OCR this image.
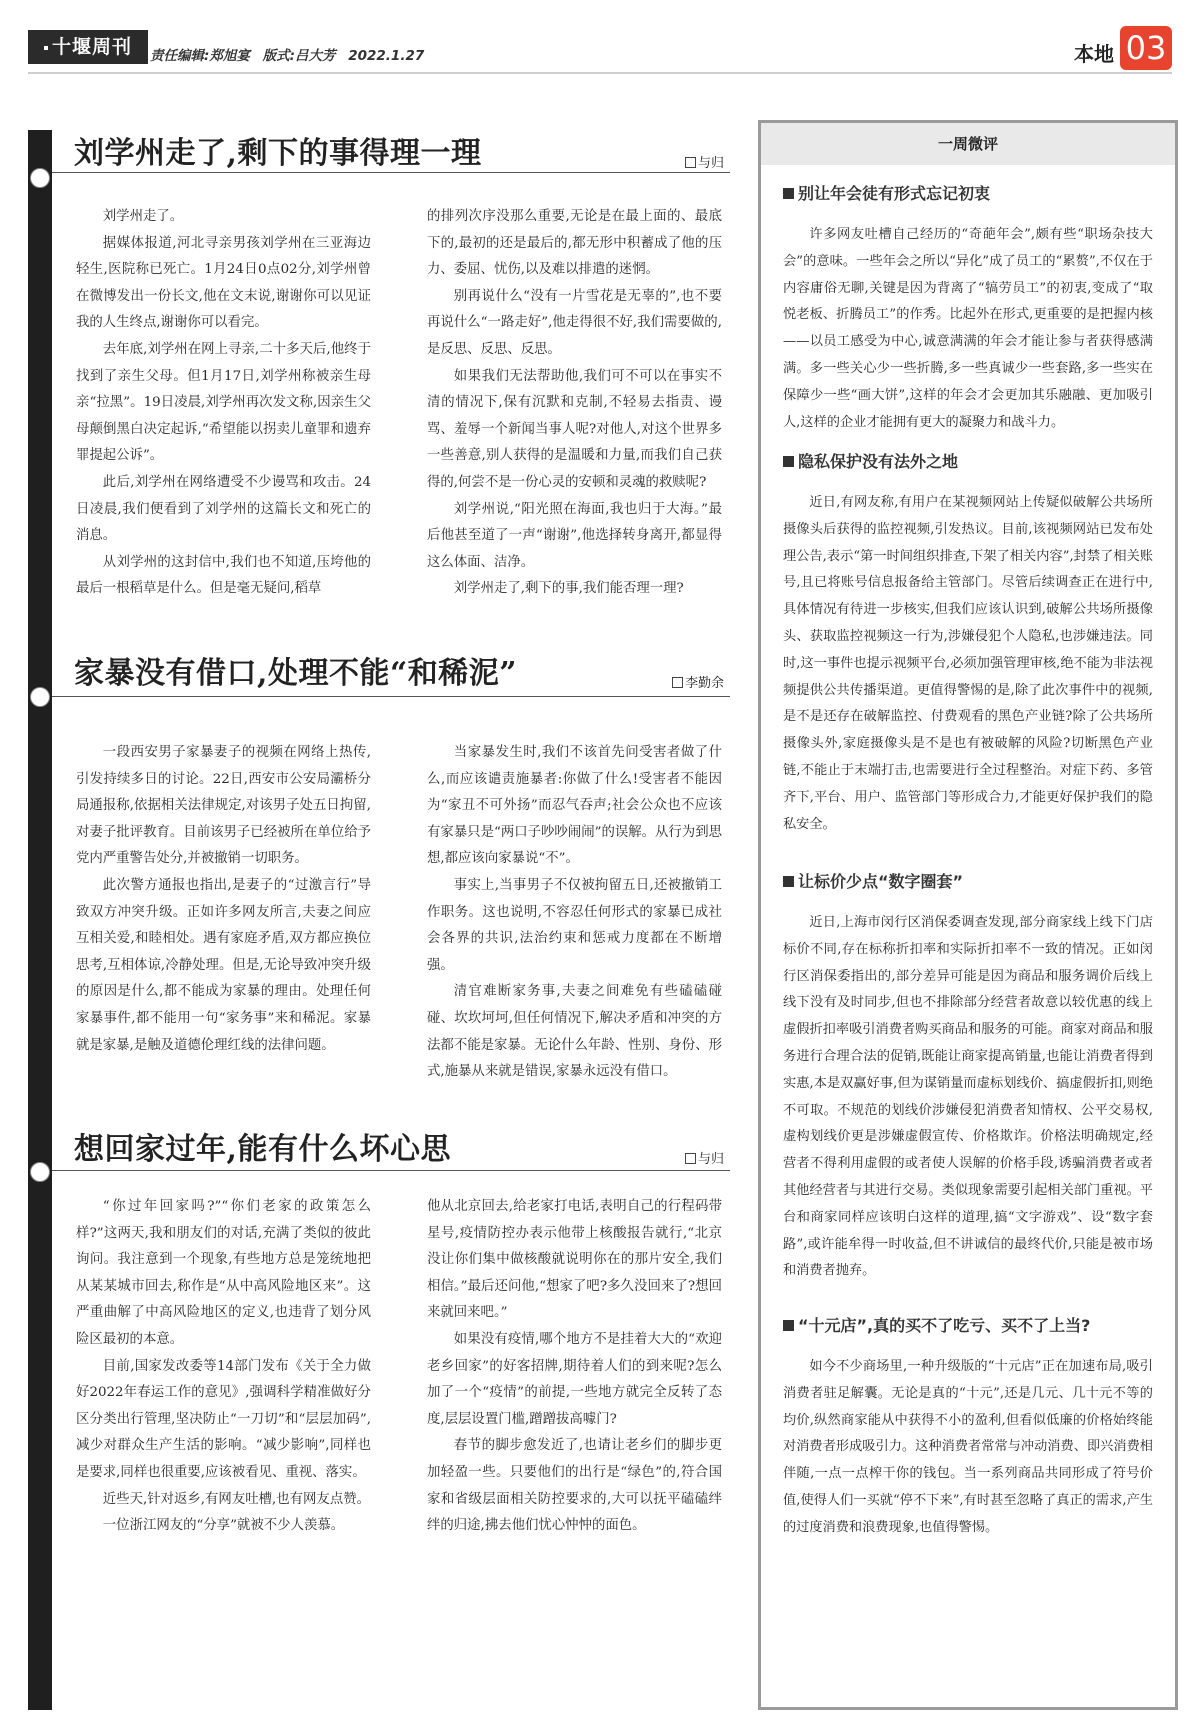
十堰周刊	责任编辑:郑旭宴 版式:吕大芳 2022.1.27	本地 03
刘学州走了,剩下的事得理一理	与归

刘学州走了。

据媒体报道,河北寻亲男孩刘学州在三亚海边轻生,医院称已死亡。1月24日0点02分,刘学州曾在微博发出一份长文,他在文末说,谢谢你可以见证我的人生终点,谢谢你可以看完。

去年底,刘学州在网上寻亲,二十多天后,他终于找到了亲生父母。但1月17日,刘学州称被亲生母亲“拉黑”。19日凌晨,刘学州再次发文称,因亲生父母颠倒黑白决定起诉,“希望能以拐卖儿童罪和遗弃罪提起公诉”。

此后,刘学州在网络遭受不少谩骂和攻击。24日凌晨,我们便看到了刘学州的这篇长文和死亡的消息。

从刘学州的这封信中,我们也不知道,压垮他的最后一根稻草是什么。但是毫无疑问,稻草

的排列次序没那么重要,无论是在最上面的、最底下的,最初的还是最后的,都无形中积蓄成了他的压力、委屈、忧伤,以及难以排遣的迷惘。

别再说什么“没有一片雪花是无辜的”,也不要再说什么“一路走好”,他走得很不好,我们需要做的,是反思、反思、反思。

如果我们无法帮助他,我们可不可以在事实不清的情况下,保有沉默和克制,不轻易去指责、谩骂、羞辱一个新闻当事人呢?对他人,对这个世界多一些善意,别人获得的是温暖和力量,而我们自己获得的,何尝不是一份心灵的安顿和灵魂的救赎呢?

刘学州说,“阳光照在海面,我也归于大海。”最后他甚至道了一声“谢谢”,他选择转身离开,都显得这么体面、洁净。

刘学州走了,剩下的事,我们能否理一理?

家暴没有借口,处理不能“和稀泥”	李勤余

一段西安男子家暴妻子的视频在网络上热传,引发持续多日的讨论。22日,西安市公安局灞桥分局通报称,依据相关法律规定,对该男子处五日拘留,对妻子批评教育。目前该男子已经被所在单位给予党内严重警告处分,并被撤销一切职务。

此次警方通报也指出,是妻子的“过激言行”导致双方冲突升级。正如许多网友所言,夫妻之间应互相关爱,和睦相处。遇有家庭矛盾,双方都应换位思考,互相体谅,冷静处理。但是,无论导致冲突升级的原因是什么,都不能成为家暴的理由。处理任何家暴事件,都不能用一句“家务事”来和稀泥。家暴就是家暴,是触及道德伦理红线的法律问题。

当家暴发生时,我们不该首先问受害者做了什么,而应该谴责施暴者:你做了什么!受害者不能因为“家丑不可外扬”而忍气吞声;社会公众也不应该有家暴只是“两口子吵吵闹闹”的误解。从行为到思想,都应该向家暴说“不”。

事实上,当事男子不仅被拘留五日,还被撤销工作职务。这也说明,不容忍任何形式的家暴已成社会各界的共识,法治约束和惩戒力度都在不断增强。

清官难断家务事,夫妻之间难免有些磕磕碰碰、坎坎坷坷,但任何情况下,解决矛盾和冲突的方法都不能是家暴。无论什么年龄、性别、身份、形式,施暴从来就是错误,家暴永远没有借口。

想回家过年,能有什么坏心思	与归

“你过年回家吗?”“你们老家的政策怎么样?”这两天,我和朋友们的对话,充满了类似的彼此询问。我注意到一个现象,有些地方总是笼统地把从某某城市回去,称作是“从中高风险地区来”。这严重曲解了中高风险地区的定义,也违背了划分风险区最初的本意。

目前,国家发改委等14部门发布《关于全力做好2022年春运工作的意见》,强调科学精准做好分区分类出行管理,坚决防止“一刀切”和“层层加码”,减少对群众生产生活的影响。“减少影响”,同样也是要求,同样也很重要,应该被看见、重视、落实。

近些天,针对返乡,有网友吐槽,也有网友点赞。

一位浙江网友的“分享”就被不少人羡慕。

他从北京回去,给老家打电话,表明自己的行程码带星号,疫情防控办表示他带上核酸报告就行,“北京没让你们集中做核酸就说明你在的那片安全,我们相信。”最后还问他,“想家了吧?多久没回来了?想回来就回来吧。”

如果没有疫情,哪个地方不是挂着大大的“欢迎老乡回家”的好客招牌,期待着人们的到来呢?怎么加了一个“疫情”的前提,一些地方就完全反转了态度,层层设置门槛,蹭蹭拔高噱门?

春节的脚步愈发近了,也请让老乡们的脚步更加轻盈一些。只要他们的出行是“绿色”的,符合国家和省级层面相关防控要求的,大可以抚平磕磕绊绊的归途,拂去他们忧心忡忡的面色。

一周微评
别让年会徒有形式忘记初衷

许多网友吐槽自己经历的“奇葩年会”,颇有些“职场杂技大会”的意味。一些年会之所以“异化”成了员工的“累赘”,不仅在于内容庸俗无聊,关键是因为背离了“犒劳员工”的初衷,变成了“取悦老板、折腾员工”的作秀。比起外在形式,更重要的是把握内核——以员工感受为中心,诚意满满的年会才能让参与者获得感满满。多一些关心少一些折腾,多一些真诚少一些套路,多一些实在保障少一些“画大饼”,这样的年会才会更加其乐融融、更加吸引人,这样的企业才能拥有更大的凝聚力和战斗力。

隐私保护没有法外之地

近日,有网友称,有用户在某视频网站上传疑似破解公共场所摄像头后获得的监控视频,引发热议。目前,该视频网站已发布处理公告,表示“第一时间组织排查,下架了相关内容”,封禁了相关账号,且已将账号信息报备给主管部门。尽管后续调查正在进行中,具体情况有待进一步核实,但我们应该认识到,破解公共场所摄像头、获取监控视频这一行为,涉嫌侵犯个人隐私,也涉嫌违法。同时,这一事件也提示视频平台,必须加强管理审核,绝不能为非法视频提供公共传播渠道。更值得警惕的是,除了此次事件中的视频,是不是还存在破解监控、付费观看的黑色产业链?除了公共场所摄像头外,家庭摄像头是不是也有被破解的风险?切断黑色产业链,不能止于末端打击,也需要进行全过程整治。对症下药、多管齐下,平台、用户、监管部门等形成合力,才能更好保护我们的隐私安全。

让标价少点“数字圈套”

近日,上海市闵行区消保委调查发现,部分商家线上线下门店标价不同,存在标称折扣率和实际折扣率不一致的情况。正如闵行区消保委指出的,部分差异可能是因为商品和服务调价后线上线下没有及时同步,但也不排除部分经营者故意以较优惠的线上虚假折扣率吸引消费者购买商品和服务的可能。商家对商品和服务进行合理合法的促销,既能让商家提高销量,也能让消费者得到实惠,本是双赢好事,但为谋销量而虚标划线价、搞虚假折扣,则绝不可取。不规范的划线价涉嫌侵犯消费者知情权、公平交易权,虚构划线价更是涉嫌虚假宣传、价格欺诈。价格法明确规定,经营者不得利用虚假的或者使人误解的价格手段,诱骗消费者或者其他经营者与其进行交易。类似现象需要引起相关部门重视。平台和商家同样应该明白这样的道理,搞“文字游戏”、设“数字套路”,或许能牟得一时收益,但不讲诚信的最终代价,只能是被市场和消费者抛弃。

“十元店”,真的买不了吃亏、买不了上当?

如今不少商场里,一种升级版的“十元店”正在加速布局,吸引消费者驻足解囊。无论是真的“十元”,还是几元、几十元不等的均价,纵然商家能从中获得不小的盈利,但看似低廉的价格始终能对消费者形成吸引力。这种消费者常常与冲动消费、即兴消费相伴随,一点一点榨干你的钱包。当一系列商品共同形成了符号价值,使得人们一买就“停不下来”,有时甚至忽略了真正的需求,产生的过度消费和浪费现象,也值得警惕。
